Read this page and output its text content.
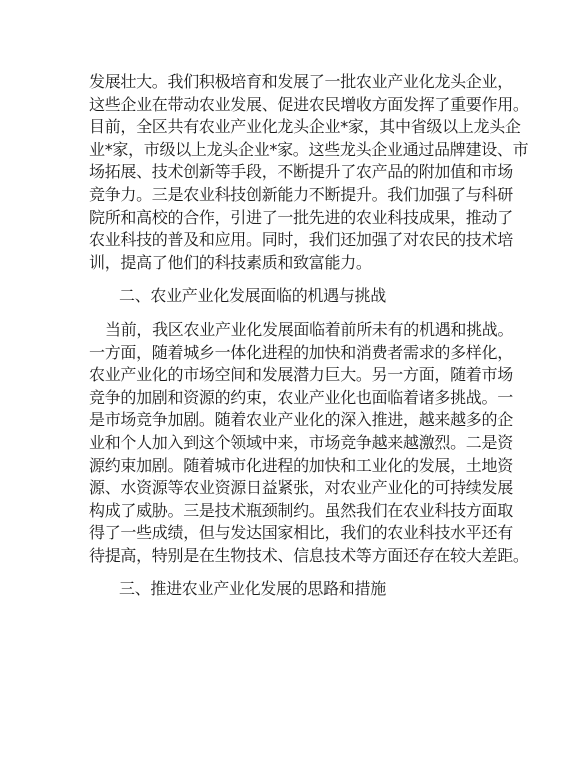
发展壮大。我们积极培育和发展了一批农业产业化龙头企业，

这些企业在带动农业发展、促进农民增收方面发挥了重要作用。

目前，全区共有农业产业化龙头企业*家，其中省级以上龙头企

业*家，市级以上龙头企业*家。这些龙头企业通过品牌建设、市

场拓展、技术创新等手段，不断提升了农产品的附加值和市场

竞争力。三是农业科技创新能力不断提升。我们加强了与科研

院所和高校的合作，引进了一批先进的农业科技成果，推动了

农业科技的普及和应用。同时，我们还加强了对农民的技术培

训，提高了他们的科技素质和致富能力。

二、农业产业化发展面临的机遇与挑战

当前，我区农业产业化发展面临着前所未有的机遇和挑战。

一方面，随着城乡一体化进程的加快和消费者需求的多样化，

农业产业化的市场空间和发展潜力巨大。另一方面，随着市场

竞争的加剧和资源的约束，农业产业化也面临着诸多挑战。一

是市场竞争加剧。随着农业产业化的深入推进，越来越多的企

业和个人加入到这个领域中来，市场竞争越来越激烈。二是资

源约束加剧。随着城市化进程的加快和工业化的发展，土地资

源、水资源等农业资源日益紧张，对农业产业化的可持续发展

构成了威胁。三是技术瓶颈制约。虽然我们在农业科技方面取

得了一些成绩，但与发达国家相比，我们的农业科技水平还有

待提高，特别是在生物技术、信息技术等方面还存在较大差距。

三、推进农业产业化发展的思路和措施
